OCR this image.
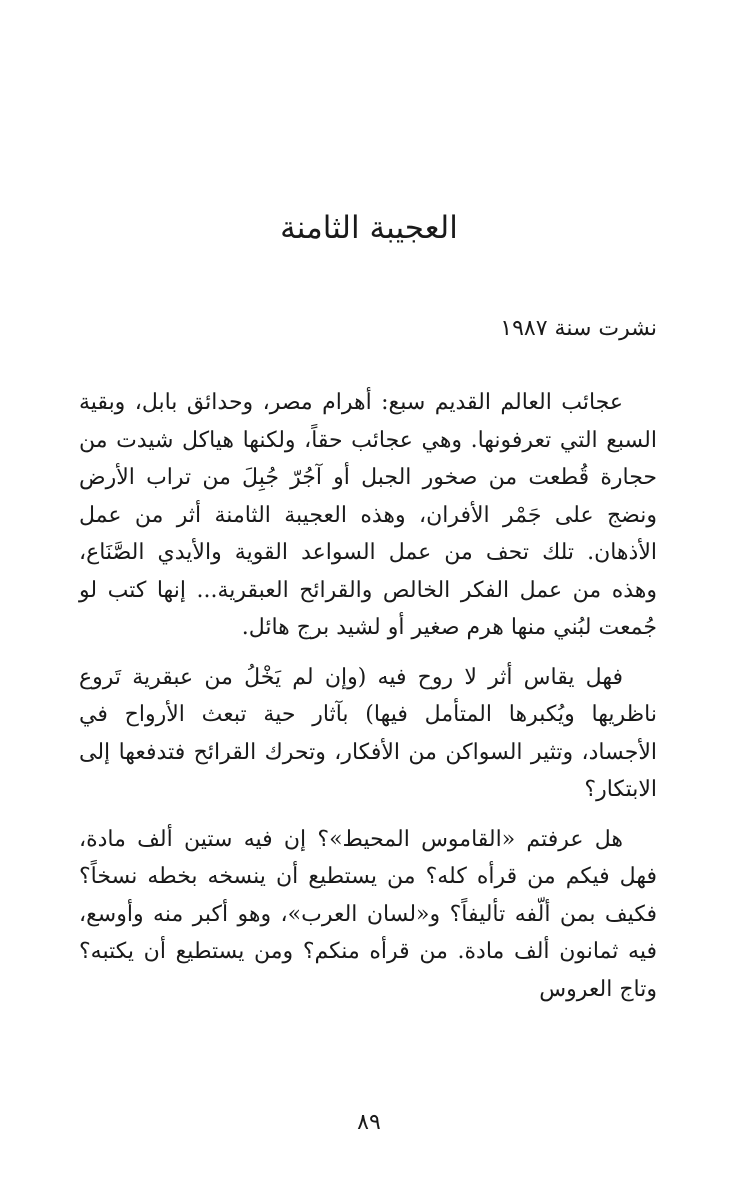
العجيبة الثامنة

نشرت سنة ١٩٨٧

عجائب العالم القديم سبع: أهرام مصر، وحدائق بابل، وبقية السبع التي تعرفونها. وهي عجائب حقاً، ولكنها هياكل شيدت من حجارة قُطعت من صخور الجبل أو آجُرّ جُبِلَ من تراب الأرض ونضج على جَمْر الأفران، وهذه العجيبة الثامنة أثر من عمل الأذهان. تلك تحف من عمل السواعد القوية والأيدي الصَّنَاع، وهذه من عمل الفكر الخالص والقرائح العبقرية... إنها كتب لو جُمعت لبُني منها هرم صغير أو لشيد برج هائل.

فهل يقاس أثر لا روح فيه (وإن لم يَخْلُ من عبقرية تَروع ناظريها ويُكبرها المتأمل فيها) بآثار حية تبعث الأرواح في الأجساد، وتثير السواكن من الأفكار، وتحرك القرائح فتدفعها إلى الابتكار؟

هل عرفتم «القاموس المحيط»؟ إن فيه ستين ألف مادة، فهل فيكم من قرأه كله؟ من يستطيع أن ينسخه بخطه نسخاً؟ فكيف بمن ألّفه تأليفاً؟ و«لسان العرب»، وهو أكبر منه وأوسع، فيه ثمانون ألف مادة. من قرأه منكم؟ ومن يستطيع أن يكتبه؟ وتاج العروس

٨٩
